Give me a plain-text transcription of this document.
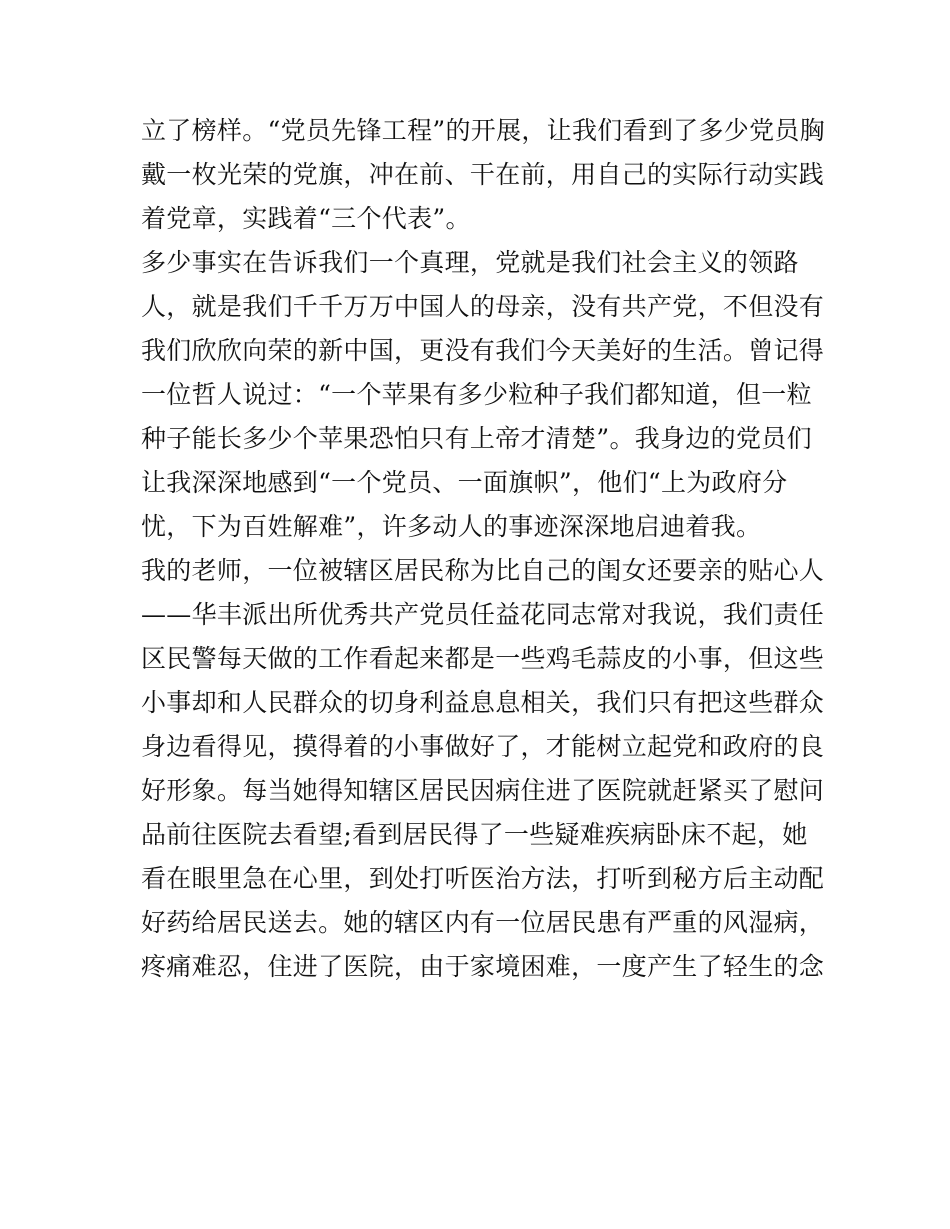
立了榜样。“党员先锋工程”的开展，让我们看到了多少党员胸
戴一枚光荣的党旗，冲在前、干在前，用自己的实际行动实践
着党章，实践着“三个代表”。
多少事实在告诉我们一个真理，党就是我们社会主义的领路
人，就是我们千千万万中国人的母亲，没有共产党，不但没有
我们欣欣向荣的新中国，更没有我们今天美好的生活。曾记得
一位哲人说过：“一个苹果有多少粒种子我们都知道，但一粒
种子能长多少个苹果恐怕只有上帝才清楚”。我身边的党员们
让我深深地感到“一个党员、一面旗帜”，他们“上为政府分
忧，下为百姓解难”，许多动人的事迹深深地启迪着我。
我的老师，一位被辖区居民称为比自己的闺女还要亲的贴心人
——华丰派出所优秀共产党员任益花同志常对我说，我们责任
区民警每天做的工作看起来都是一些鸡毛蒜皮的小事，但这些
小事却和人民群众的切身利益息息相关，我们只有把这些群众
身边看得见，摸得着的小事做好了，才能树立起党和政府的良
好形象。每当她得知辖区居民因病住进了医院就赶紧买了慰问
品前往医院去看望;看到居民得了一些疑难疾病卧床不起，她
看在眼里急在心里，到处打听医治方法，打听到秘方后主动配
好药给居民送去。她的辖区内有一位居民患有严重的风湿病，
疼痛难忍，住进了医院，由于家境困难，一度产生了轻生的念
